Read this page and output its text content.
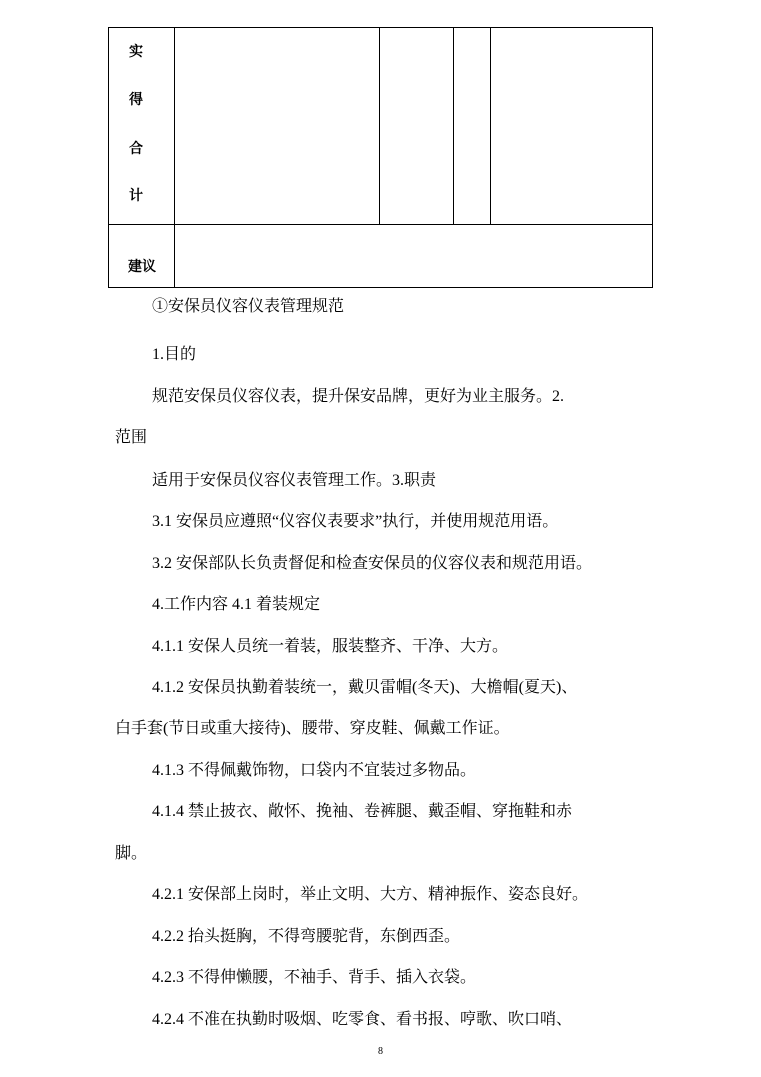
实
得
合
计
建议
①安保员仪容仪表管理规范
1.目的
规范安保员仪容仪表，提升保安品牌，更好为业主服务。2.
范围
适用于安保员仪容仪表管理工作。3.职责
3.1 安保员应遵照“仪容仪表要求”执行，并使用规范用语。
3.2 安保部队长负责督促和检查安保员的仪容仪表和规范用语。
4.工作内容 4.1 着装规定
4.1.1 安保人员统一着装，服装整齐、干净、大方。
4.1.2 安保员执勤着装统一，戴贝雷帽(冬天)、大檐帽(夏天)、
白手套(节日或重大接待)、腰带、穿皮鞋、佩戴工作证。
4.1.3 不得佩戴饰物，口袋内不宜装过多物品。
4.1.4 禁止披衣、敞怀、挽袖、卷裤腿、戴歪帽、穿拖鞋和赤
脚。
4.2.1 安保部上岗时，举止文明、大方、精神振作、姿态良好。
4.2.2 抬头挺胸，不得弯腰驼背，东倒西歪。
4.2.3 不得伸懒腰，不袖手、背手、插入衣袋。
4.2.4 不准在执勤时吸烟、吃零食、看书报、哼歌、吹口哨、
8
